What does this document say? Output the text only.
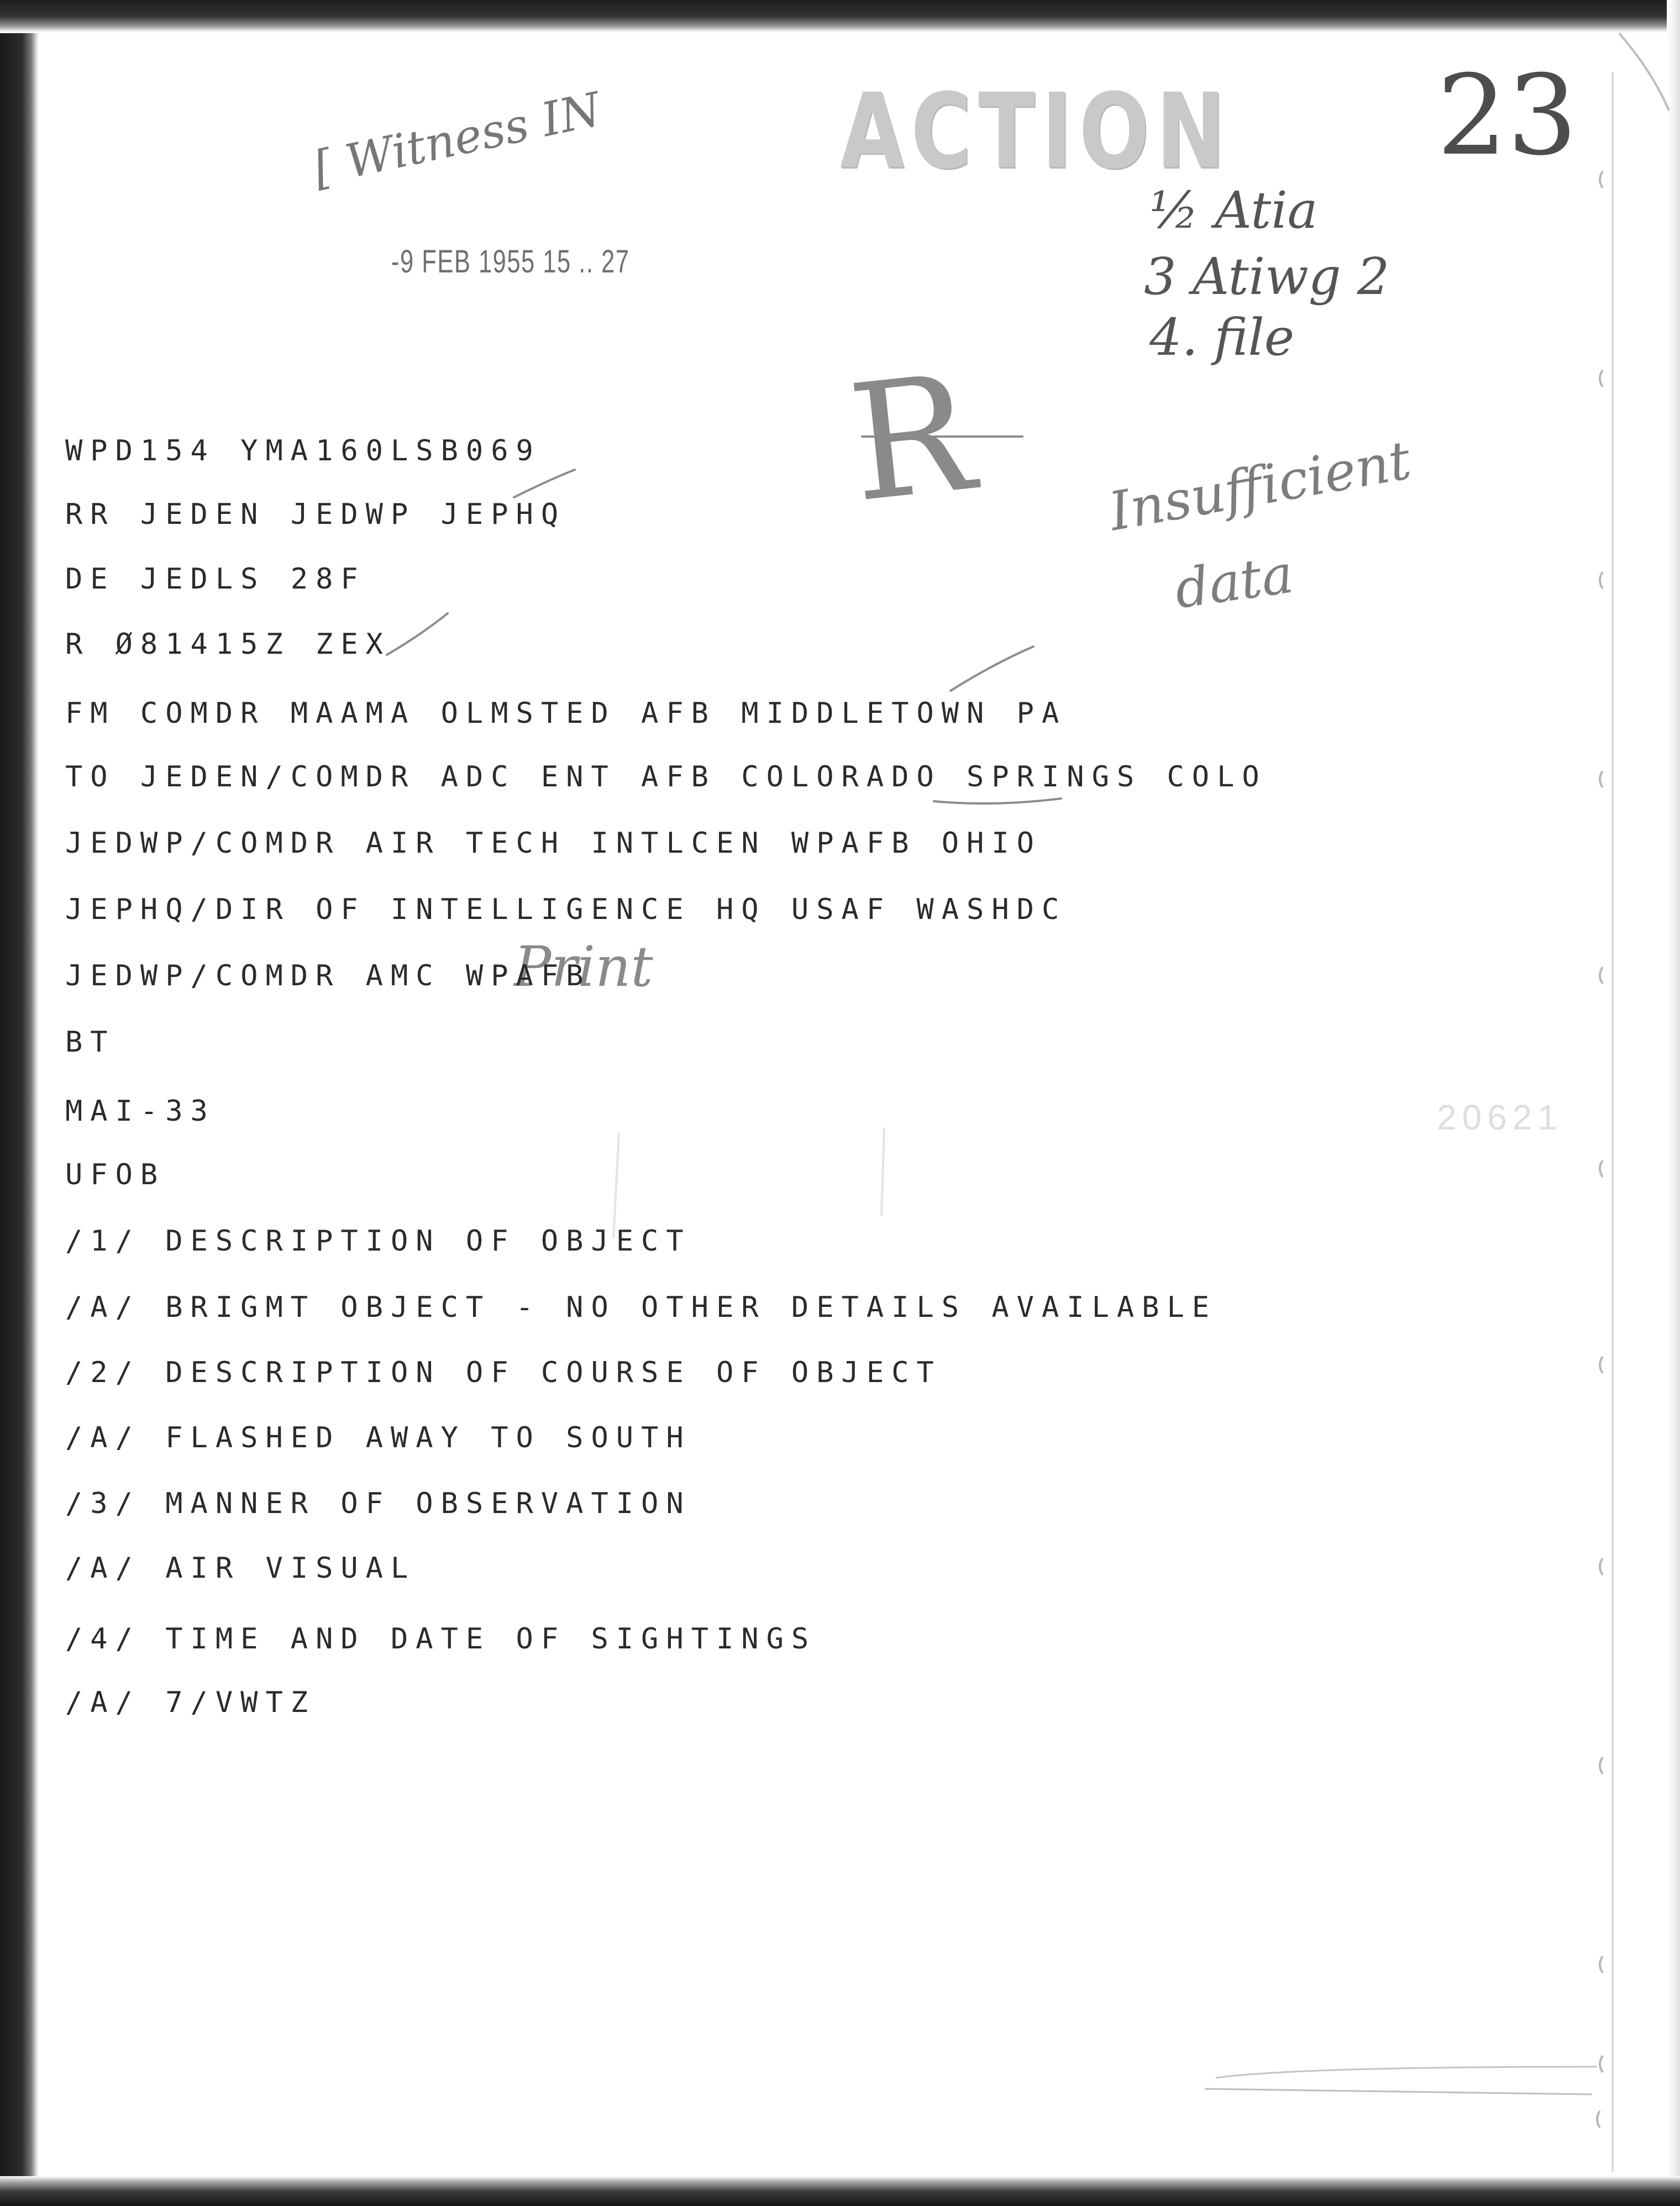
ACTION
[ Witness IN
-9 FEB 1955 15 .. 27
23
½ Atia
3 Atiwg 2
4. file
R Insufficient
data
Print
20621
WPD154 YMA160LSB069
RR JEDEN JEDWP JEPHQ
DE JEDLS 28F
R Ø81415Z ZEX
FM COMDR MAAMA OLMSTED AFB MIDDLETOWN PA
TO JEDEN/COMDR ADC ENT AFB COLORADO SPRINGS COLO
JEDWP/COMDR AIR TECH INTLCEN WPAFB OHIO
JEPHQ/DIR OF INTELLIGENCE HQ USAF WASHDC
JEDWP/COMDR AMC WPAFB
BT
MAI-33
UFOB
/1/ DESCRIPTION OF OBJECT
/A/ BRIGMT OBJECT - NO OTHER DETAILS AVAILABLE
/2/ DESCRIPTION OF COURSE OF OBJECT
/A/ FLASHED AWAY TO SOUTH
/3/ MANNER OF OBSERVATION
/A/ AIR VISUAL
/4/ TIME AND DATE OF SIGHTINGS
/A/ 7/VWTZ
